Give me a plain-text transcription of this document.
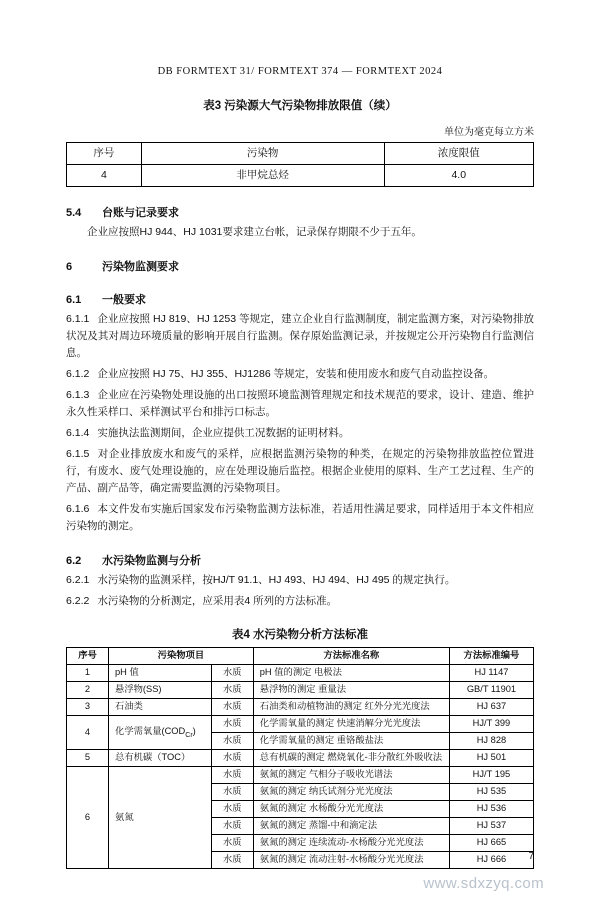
DB FORMTEXT 31/ FORMTEXT 374 — FORMTEXT 2024
表3 污染源大气污染物排放限值（续）
单位为毫克每立方米
序号	污染物	浓度限值
4	非甲烷总烃	4.0
5.4 台账与记录要求

企业应按照HJ 944、HJ 1031要求建立台帐，记录保存期限不少于五年。

6	污染物监测要求
6.1 一般要求

6.1.1 企业应按照 HJ 819、HJ 1253 等规定，建立企业自行监测制度，制定监测方案，对污染物排放状况及其对周边环境质量的影响开展自行监测。保存原始监测记录，并按规定公开污染物自行监测信息。

6.1.2 企业应按照 HJ 75、HJ 355、HJ1286 等规定，安装和使用废水和废气自动监控设备。

6.1.3 企业应在污染物处理设施的出口按照环境监测管理规定和技术规范的要求，设计、建造、维护永久性采样口、采样测试平台和排污口标志。

6.1.4 实施执法监测期间，企业应提供工况数据的证明材料。

6.1.5 对企业排放废水和废气的采样，应根据监测污染物的种类，在规定的污染物排放监控位置进行，有废水、废气处理设施的，应在处理设施后监控。根据企业使用的原料、生产工艺过程、生产的产品、副产品等，确定需要监测的污染物项目。

6.1.6 本文件发布实施后国家发布污染物监测方法标准，若适用性满足要求，同样适用于本文件相应污染物的测定。

6.2 水污染物监测与分析

6.2.1 水污染物的监测采样，按HJ/T 91.1、HJ 493、HJ 494、HJ 495 的规定执行。

6.2.2 水污染物的分析测定，应采用表4 所列的方法标准。

表4 水污染物分析方法标准
序号	污染物项目		方法标准名称	方法标准编号
1	pH 值	水质	pH 值的测定 电极法	HJ 1147
2	悬浮物(SS)	水质	悬浮物的测定 重量法	GB/T 11901
3	石油类	水质	石油类和动植物油的测定 红外分光光度法	HJ 637
4	化学需氧量$(COD_{Cr})$	水质	化学需氧量的测定 快速消解分光光度法	HJ/T 399
		水质	化学需氧量的测定 重铬酸盐法	HJ 828
5	总有机碳（TOC）	水质	总有机碳的测定 燃烧氧化-非分散红外吸收法	HJ 501
6	氨氮	水质	氨氮的测定 气相分子吸收光谱法	HJ/T 195
		水质	氨氮的测定 纳氏试剂分光光度法	HJ 535
		水质	氨氮的测定 水杨酸分光光度法	HJ 536
		水质	氨氮的测定 蒸馏-中和滴定法	HJ 537
		水质	氨氮的测定 连续流动-水杨酸分光光度法	HJ 665
		水质	氨氮的测定 流动注射-水杨酸分光光度法	HJ 666 7
www.sdxzyq.com
